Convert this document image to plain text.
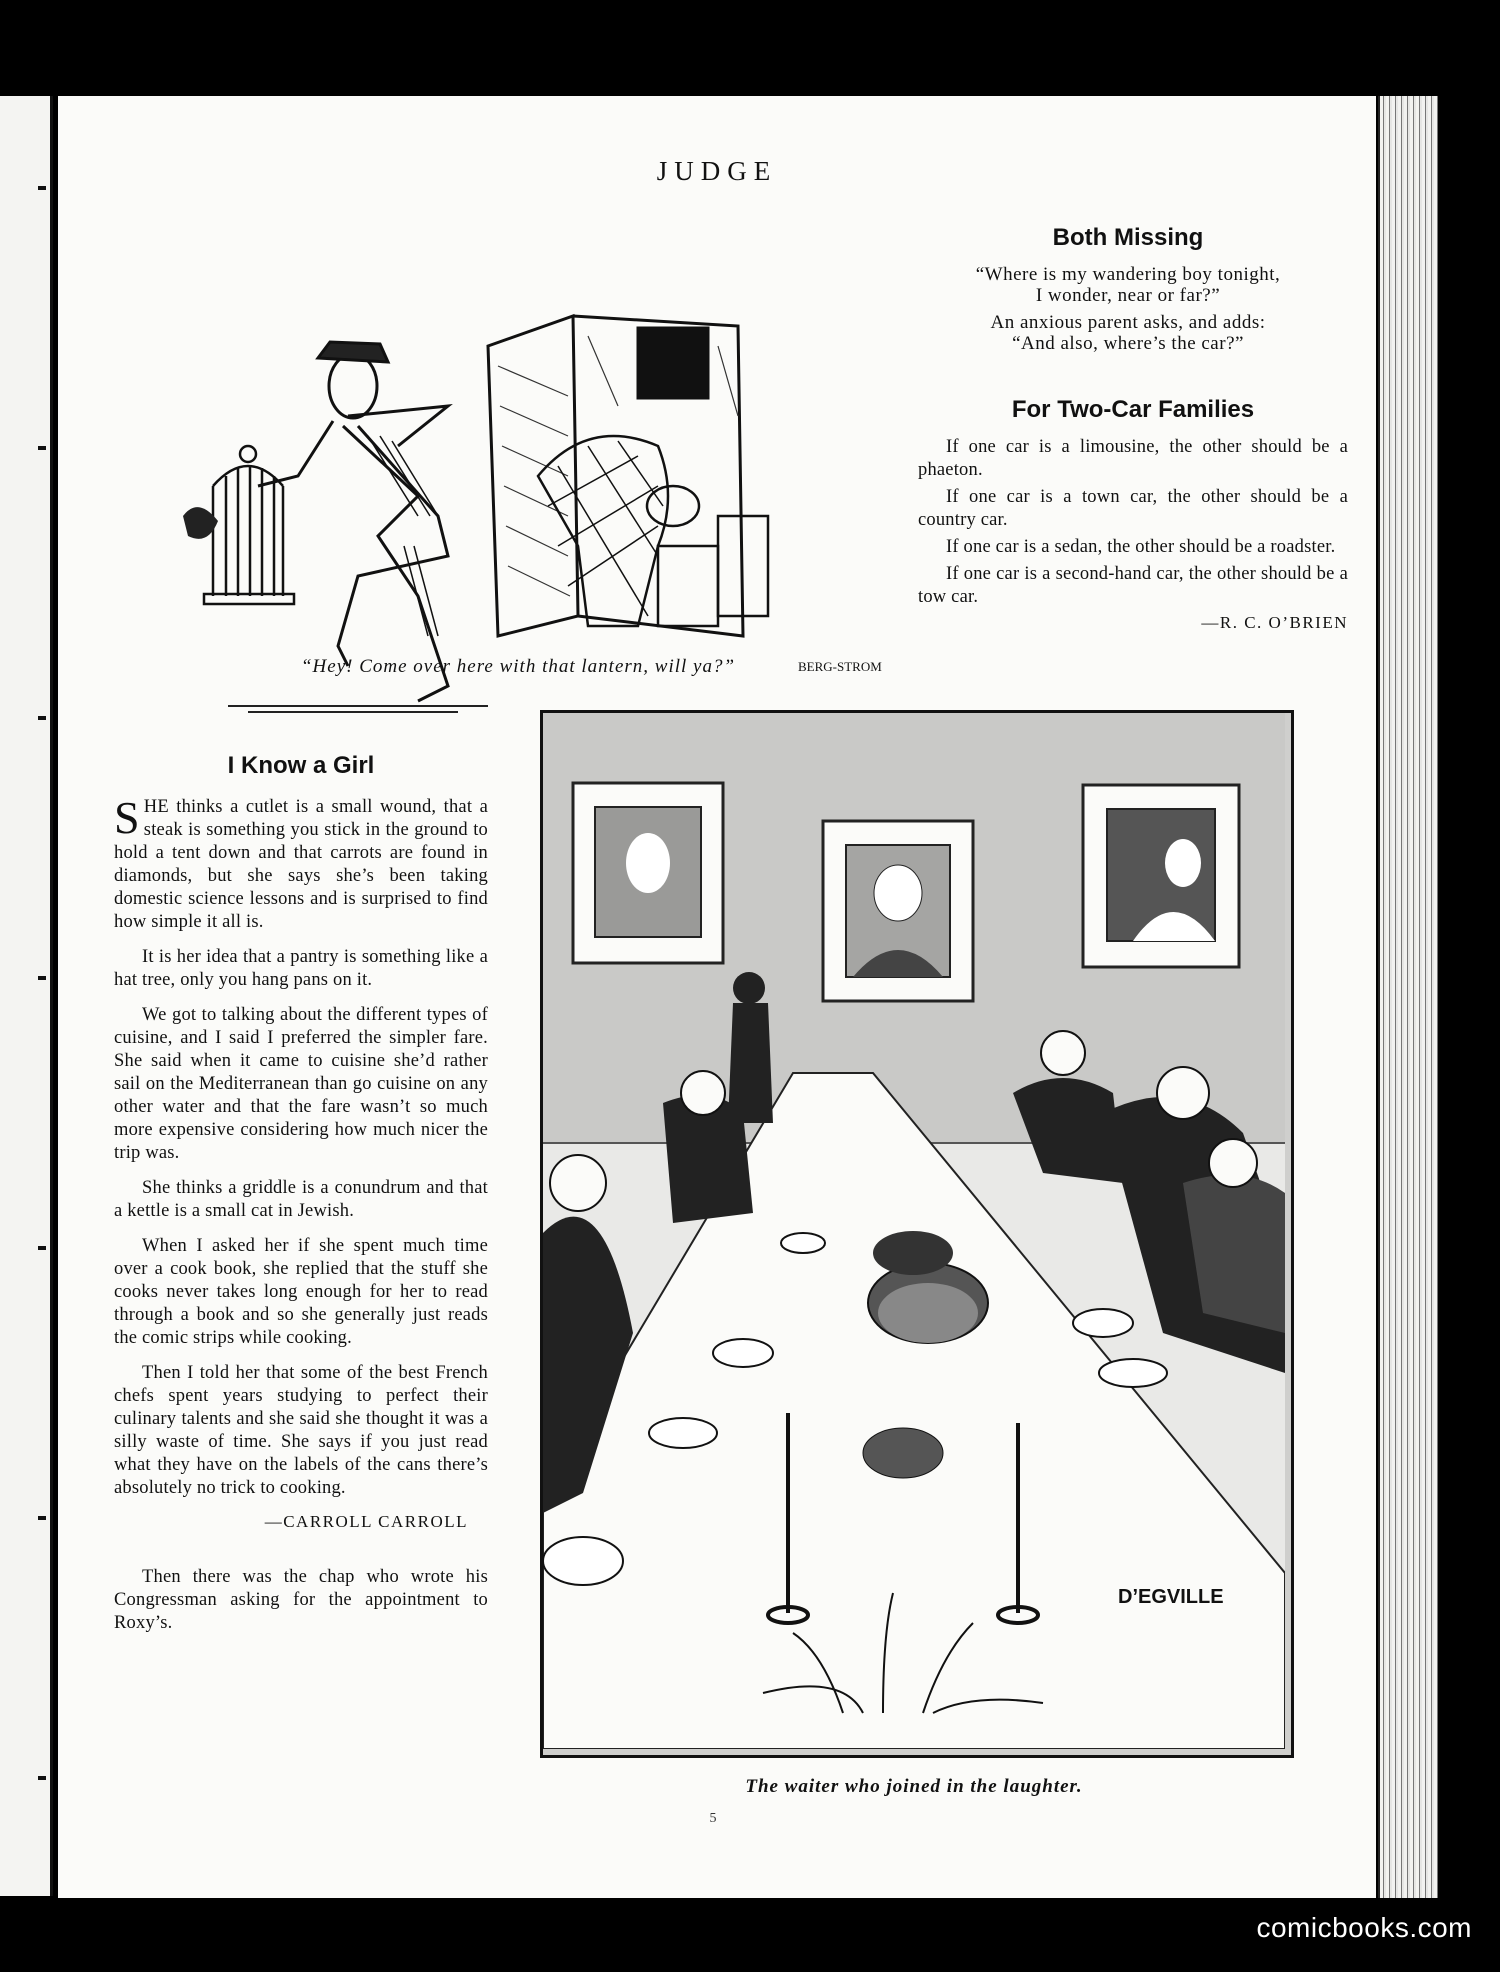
JUDGE
BERG-STROM
“Hey! Come over here with that lantern, will ya?”
Both Missing
“Where is my wandering boy tonight,
I wonder, near or far?”
An anxious parent asks, and adds:
“And also, where’s the car?”
For Two-Car Families

If one car is a limousine, the other should be a phaeton.

If one car is a town car, the other should be a country car.

If one car is a sedan, the other should be a roadster.

If one car is a second-hand car, the other should be a tow car.

—R. C. O’BRIEN
I Know a Girl

SHE thinks a cutlet is a small wound, that a steak is something you stick in the ground to hold a tent down and that carrots are found in diamonds, but she says she’s been taking domestic science lessons and is surprised to find how simple it all is.

It is her idea that a pantry is something like a hat tree, only you hang pans on it.

We got to talking about the different types of cuisine, and I said I preferred the simpler fare. She said when it came to cuisine she’d rather sail on the Mediterranean than go cuisine on any other water and that the fare wasn’t so much more expensive considering how much nicer the trip was.

She thinks a griddle is a conundrum and that a kettle is a small cat in Jewish.

When I asked her if she spent much time over a cook book, she replied that the stuff she cooks never takes long enough for her to read through a book and so she generally just reads the comic strips while cooking.

Then I told her that some of the best French chefs spent years studying to perfect their culinary talents and she said she thought it was a silly waste of time. She says if you just read what they have on the labels of the cans there’s absolutely no trick to cooking.

—CARROLL CARROLL

Then there was the chap who wrote his Congressman asking for the appointment to Roxy’s.

D’EGVILLE
The waiter who joined in the laughter.
5
comicbooks.com
